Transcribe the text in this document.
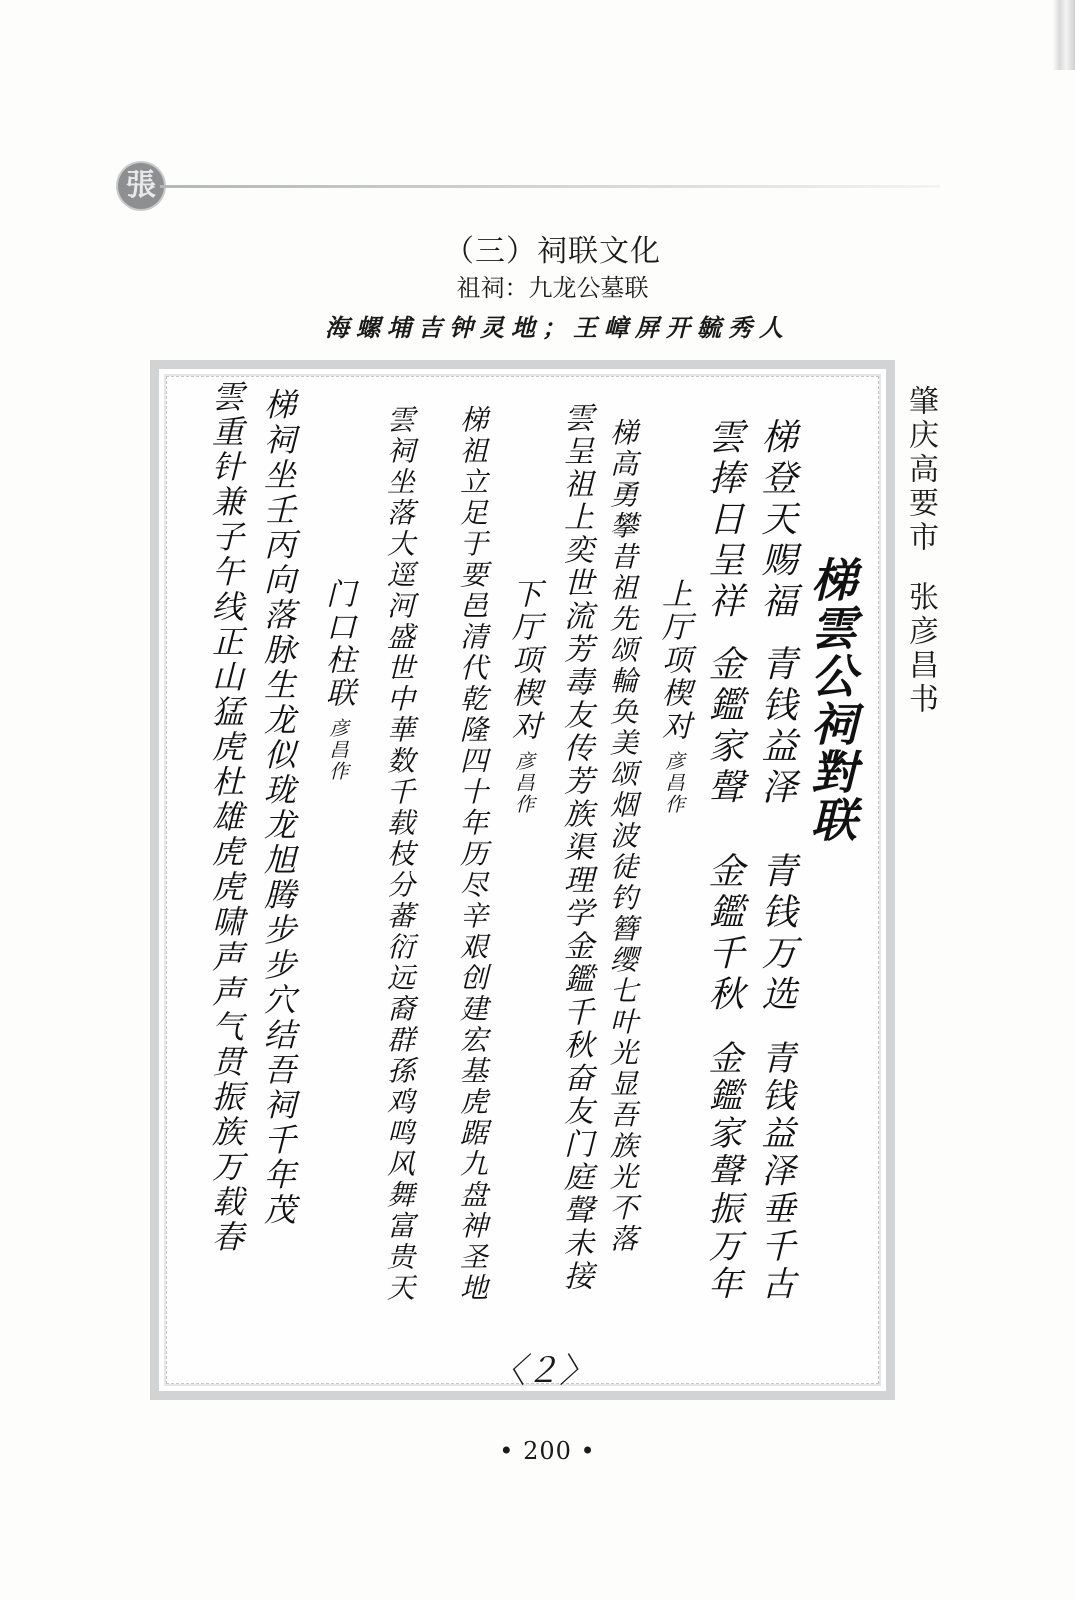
張
（三）祠联文化
祖祠：九龙公墓联
海螺埔吉钟灵地；王嶂屏开毓秀人
肇庆高要市张彦昌书
梯雲公祠對联
梯登天赐福青钱益泽
雲捧日呈祥金鑑家聲
青钱万选
金鑑千秋
青钱益泽垂千古
金鑑家聲振万年
上厅项楔对彦昌作
梯高勇攀昔祖先颂輪奂美颂烟波徒钓簪缨七叶光显吾族光不落
雲呈祖上奕世流芳毒友传芳族渠理学金鑑千秋奋友门庭聲未接
下厅项楔对彦昌作
梯祖立足于要邑清代乾隆四十年历尽辛艰创建宏基虎踞九盘神圣地
雲祠坐落大逕河盛世中華数千载枝分蕃衍远裔群孫鸡鸣风舞富贵天
门口柱联彦昌作
梯祠坐壬丙向落脉生龙似珑龙旭腾步步穴结吾祠千年茂
雲重针兼子午线正山猛虎杜雄虎虎啸声声气贯振族万载春
〈２〉
• 200 •
